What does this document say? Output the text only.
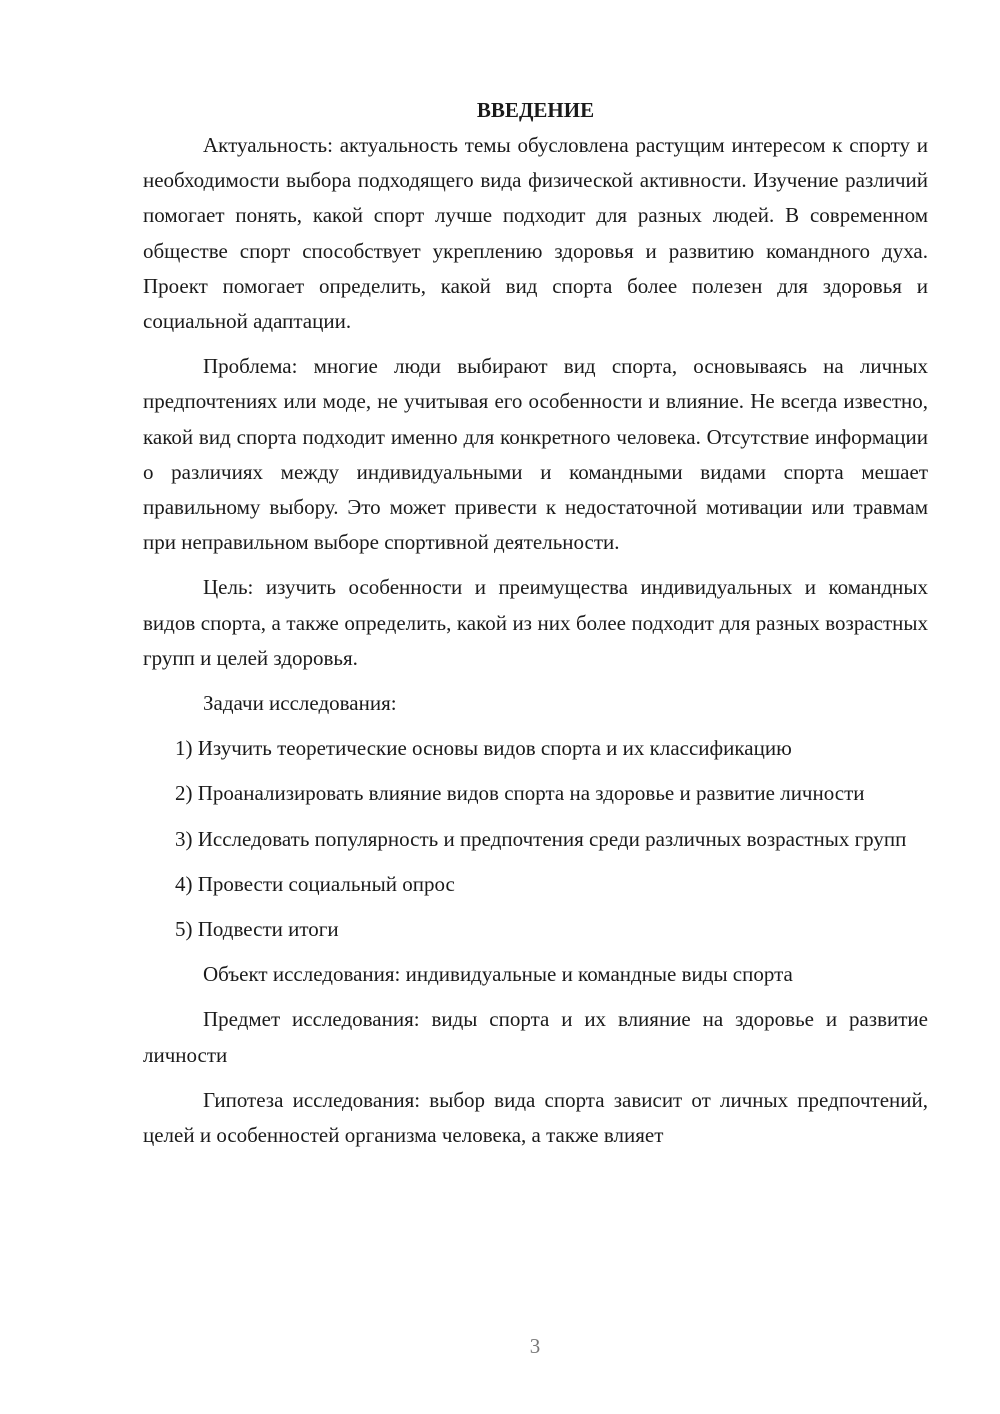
ВВЕДЕНИЕ

Актуальность: актуальность темы обусловлена растущим интересом к спорту и необходимости выбора подходящего вида физической активности. Изучение различий помогает понять, какой спорт лучше подходит для разных людей. В современном обществе спорт способствует укреплению здоровья и развитию командного духа. Проект помогает определить, какой вид спорта более полезен для здоровья и социальной адаптации.

Проблема: многие люди выбирают вид спорта, основываясь на личных предпочтениях или моде, не учитывая его особенности и влияние. Не всегда известно, какой вид спорта подходит именно для конкретного человека. Отсутствие информации о различиях между индивидуальными и командными видами спорта мешает правильному выбору. Это может привести к недостаточной мотивации или травмам при неправильном выборе спортивной деятельности.

Цель: изучить особенности и преимущества индивидуальных и командных видов спорта, а также определить, какой из них более подходит для разных возрастных групп и целей здоровья.

Задачи исследования:

1) Изучить теоретические основы видов спорта и их классификацию

2) Проанализировать влияние видов спорта на здоровье и развитие личности

3) Исследовать популярность и предпочтения среди различных возрастных групп

4) Провести социальный опрос

5) Подвести итоги

Объект исследования: индивидуальные и командные виды спорта

Предмет исследования: виды спорта и их влияние на здоровье и развитие личности

Гипотеза исследования: выбор вида спорта зависит от личных предпочтений, целей и особенностей организма человека, а также влияет

3
